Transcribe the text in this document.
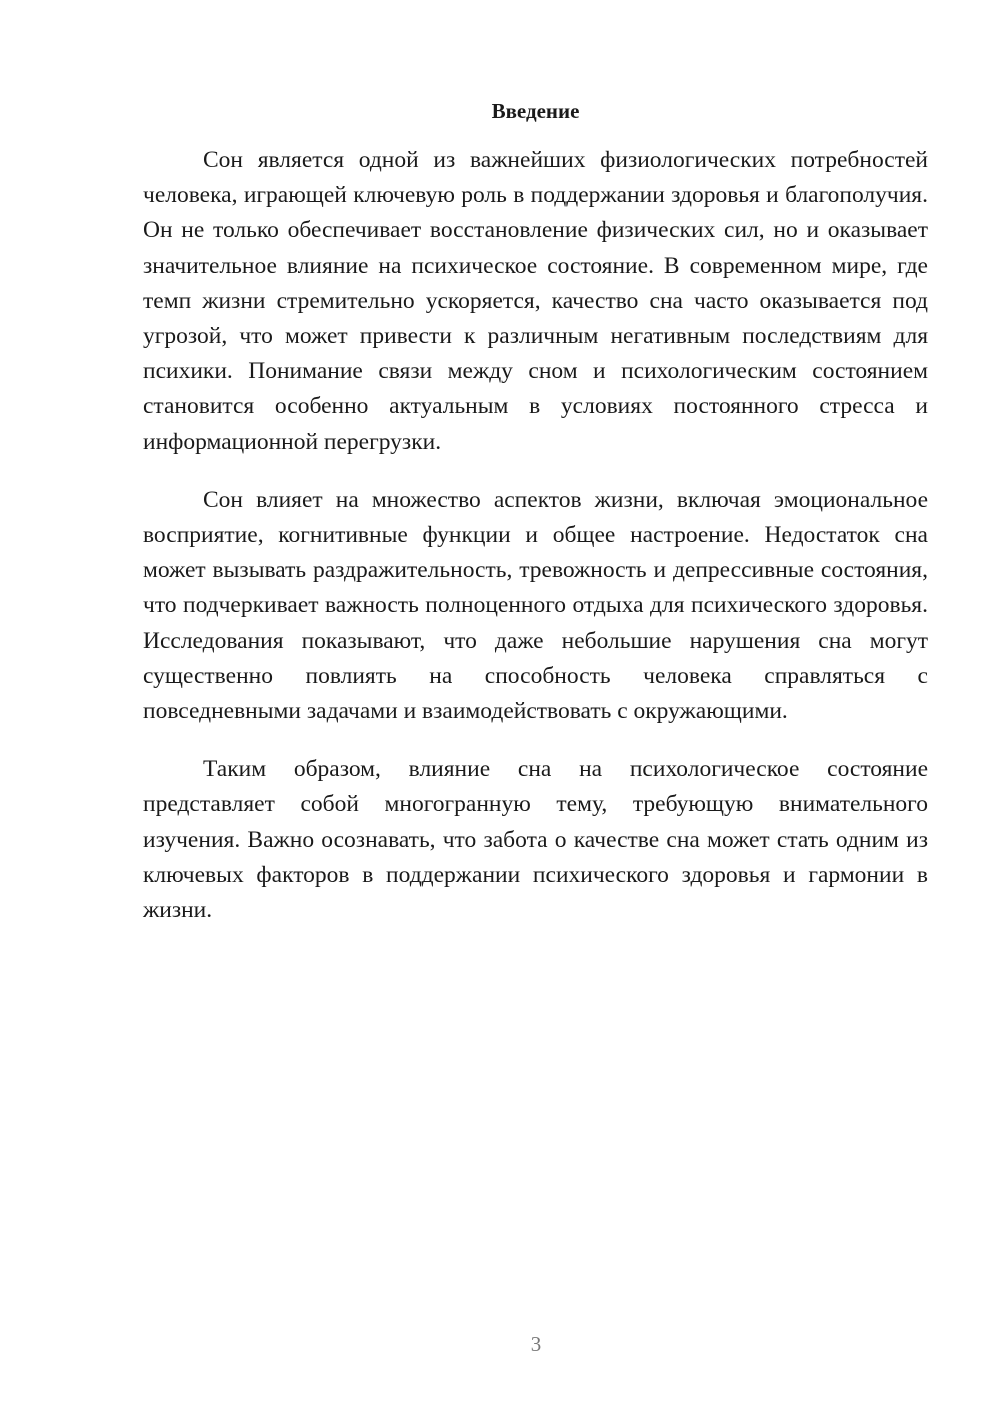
Введение

Сон является одной из важнейших физиологических потребностей человека, играющей ключевую роль в поддержании здоровья и благополучия. Он не только обеспечивает восстановление физических сил, но и оказывает значительное влияние на психическое состояние. В современном мире, где темп жизни стремительно ускоряется, качество сна часто оказывается под угрозой, что может привести к различным негативным последствиям для психики. Понимание связи между сном и психологическим состоянием становится особенно актуальным в условиях постоянного стресса и информационной перегрузки.

Сон влияет на множество аспектов жизни, включая эмоциональное восприятие, когнитивные функции и общее настроение. Недостаток сна может вызывать раздражительность, тревожность и депрессивные состояния, что подчеркивает важность полноценного отдыха для психического здоровья. Исследования показывают, что даже небольшие нарушения сна могут существенно повлиять на способность человека справляться с повседневными задачами и взаимодействовать с окружающими.

Таким образом, влияние сна на психологическое состояние представляет собой многогранную тему, требующую внимательного изучения. Важно осознавать, что забота о качестве сна может стать одним из ключевых факторов в поддержании психического здоровья и гармонии в жизни.

3
